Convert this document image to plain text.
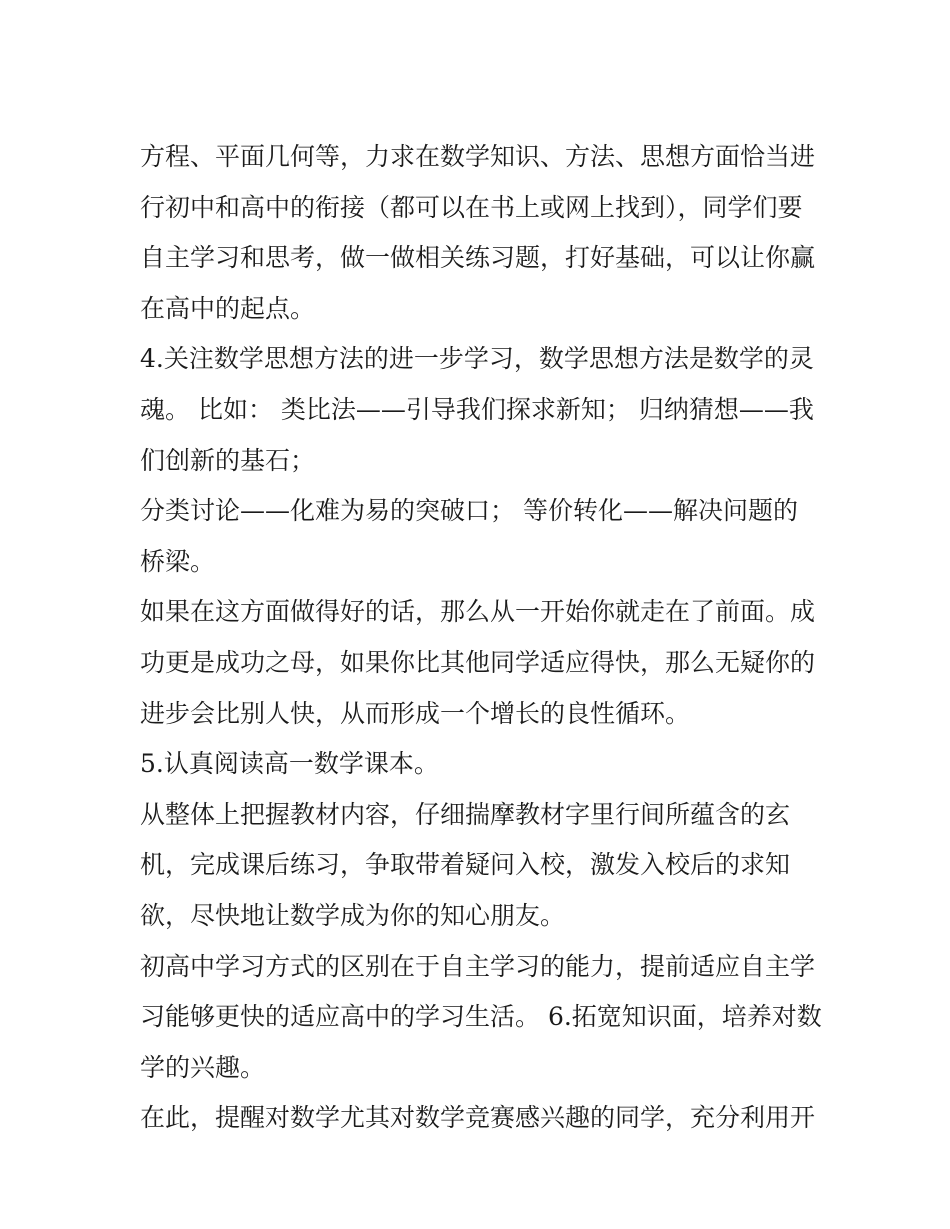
方程、平面几何等，力求在数学知识、方法、思想方面恰当进
行初中和高中的衔接（都可以在书上或网上找到），同学们要
自主学习和思考，做一做相关练习题，打好基础，可以让你赢
在高中的起点。
4.关注数学思想方法的进一步学习，数学思想方法是数学的灵
魂。 比如： 类比法——引导我们探求新知； 归纳猜想——我
们创新的基石；
分类讨论——化难为易的突破口； 等价转化——解决问题的
桥梁。
如果在这方面做得好的话，那么从一开始你就走在了前面。成
功更是成功之母，如果你比其他同学适应得快，那么无疑你的
进步会比别人快，从而形成一个增长的良性循环。
5.认真阅读高一数学课本。
从整体上把握教材内容，仔细揣摩教材字里行间所蕴含的玄
机，完成课后练习，争取带着疑问入校，激发入校后的求知
欲，尽快地让数学成为你的知心朋友。
初高中学习方式的区别在于自主学习的能力，提前适应自主学
习能够更快的适应高中的学习生活。 6.拓宽知识面，培养对数
学的兴趣。
在此，提醒对数学尤其对数学竞赛感兴趣的同学，充分利用开
